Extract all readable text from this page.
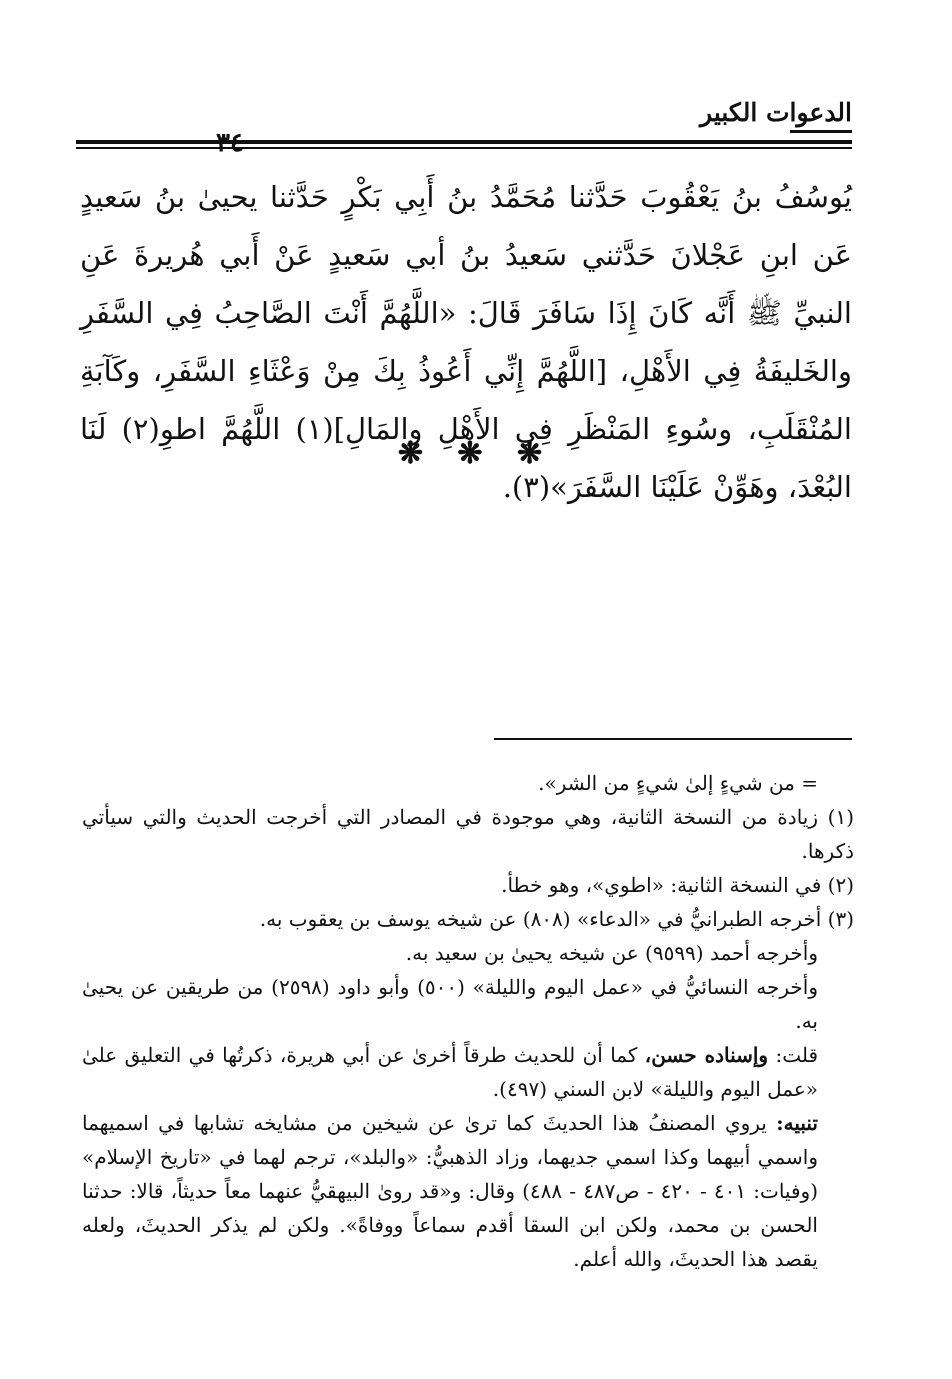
الدعوات الكبير

يُوسُفُ بنُ يَعْقُوبَ حَدَّثنا مُحَمَّدُ بنُ أَبِي بَكْرٍ حَدَّثنا يحيىٰ بنُ سَعيدٍ عَن ابنِ عَجْلانَ حَدَّثني سَعيدُ بنُ أبي سَعيدٍ عَنْ أَبي هُريرةَ عَنِ النبيِّ ﷺ أَنَّه كَانَ إِذَا سَافَرَ قَالَ: «اللَّهُمَّ أَنْتَ الصَّاحِبُ فِي السَّفَرِ والخَليفَةُ فِي الأَهْلِ، [اللَّهُمَّ إِنِّي أَعُوذُ بِكَ مِنْ وَعْثَاءِ السَّفَرِ، وكَآبَةِ المُنْقَلَبِ، وسُوءِ المَنْظَرِ فِي الأَهْلِ والمَالِ](١) اللَّهُمَّ اطوِ(٢) لَنَا البُعْدَ، وهَوِّنْ عَلَيْنَا السَّفَرَ»(٣).

❋ ❋ ❋

= من شيءٍ إلىٰ شيءٍ من الشر».

(١) زيادة من النسخة الثانية، وهي موجودة في المصادر التي أخرجت الحديث والتي سيأتي ذكرها.

(٢) في النسخة الثانية: «اطوي»، وهو خطأ.

(٣) أخرجه الطبرانيُّ في «الدعاء» (٨٠٨) عن شيخه يوسف بن يعقوب به.

وأخرجه أحمد (٩٥٩٩) عن شيخه يحيىٰ بن سعيد به.

وأخرجه النسائيُّ في «عمل اليوم والليلة» (٥٠٠) وأبو داود (٢٥٩٨) من طريقين عن يحيىٰ به.

قلت: وإسناده حسن، كما أن للحديث طرقاً أخرىٰ عن أبي هريرة، ذكرتُها في التعليق علىٰ «عمل اليوم والليلة» لابن السني (٤٩٧).

تنبيه: يروي المصنفُ هذا الحديثَ كما ترىٰ عن شيخين من مشايخه تشابها في اسميهما واسمي أبيهما وكذا اسمي جديهما، وزاد الذهبيُّ: «والبلد»، ترجم لهما في «تاريخ الإسلام» (وفيات: ٤٠١ - ٤٢٠ - ص٤٨٧ - ٤٨٨) وقال: و«قد روىٰ البيهقيُّ عنهما معاً حديثاً، قالا: حدثنا الحسن بن محمد، ولكن ابن السقا أقدم سماعاً ووفاةً». ولكن لم يذكر الحديثَ، ولعله يقصد هذا الحديثَ، والله أعلم.
